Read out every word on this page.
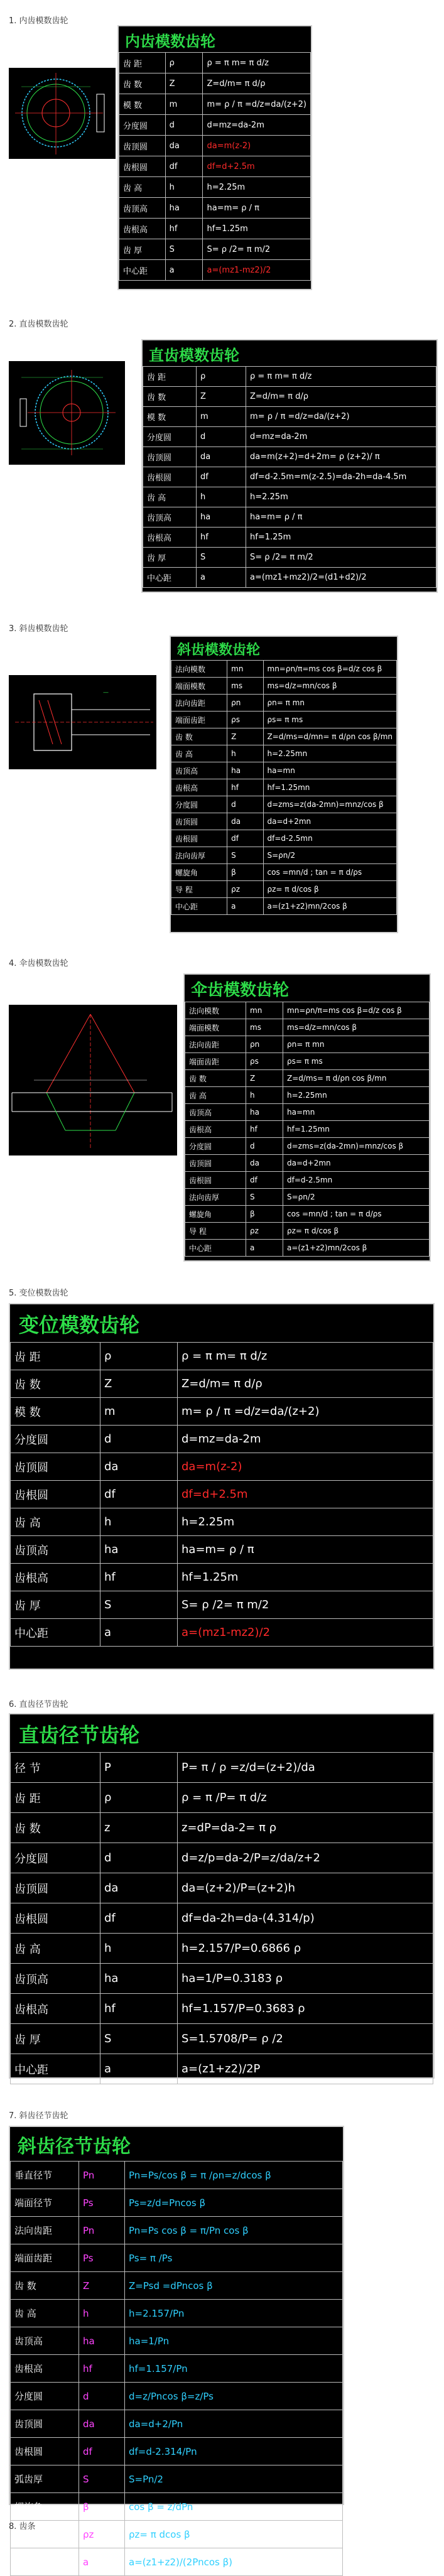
1. 内齿模数齿轮
内齿模数齿轮
齿 距	ρ	ρ = π m= π d/z
齿 数	Z	Z=d/m= π d/ρ
模 数	m	m= ρ / π =d/z=da/(z+2)
分度圆	d	d=mz=da-2m
齿顶圆	da	da=m(z-2)
齿根圆	df	df=d+2.5m
齿 高	h	h=2.25m
齿顶高	ha	ha=m= ρ / π
齿根高	hf	hf=1.25m
齿 厚	S	S= ρ /2= π m/2
中心距	a	a=(mz1-mz2)/2
2. 直齿模数齿轮
直齿模数齿轮
齿 距	ρ	ρ = π m= π d/z
齿 数	Z	Z=d/m= π d/ρ
模 数	m	m= ρ / π =d/z=da/(z+2)
分度圆	d	d=mz=da-2m
齿顶圆	da	da=m(z+2)=d+2m= ρ (z+2)/ π
齿根圆	df	df=d-2.5m=m(z-2.5)=da-2h=da-4.5m
齿 高	h	h=2.25m
齿顶高	ha	ha=m= ρ / π
齿根高	hf	hf=1.25m
齿 厚	S	S= ρ /2= π m/2
中心距	a	a=(mz1+mz2)/2=(d1+d2)/2
3. 斜齿模数齿轮
—
斜齿模数齿轮
法向模数	mn	mn=ρn/π=ms cos β=d/z cos β
端面模数	ms	ms=d/z=mn/cos β
法向齿距	ρn	ρn= π mn
端面齿距	ρs	ρs= π ms
齿 数	Z	Z=d/ms=d/mn= π d/ρn cos β/mn
齿 高	h	h=2.25mn
齿顶高	ha	ha=mn
齿根高	hf	hf=1.25mn
分度圆	d	d=zms=z(da-2mn)=mnz/cos β
齿顶圆	da	da=d+2mn
齿根圆	df	df=d-2.5mn
法向齿厚	S	S=ρn/2
螺旋角	β	cos =mn/d ; tan = π d/ρs
导 程	ρz	ρz= π d/cos β
中心距	a	a=(z1+z2)mn/2cos β
4. 伞齿模数齿轮
伞齿模数齿轮
法向模数	mn	mn=ρn/π=ms cos β=d/z cos β
端面模数	ms	ms=d/z=mn/cos β
法向齿距	ρn	ρn= π mn
端面齿距	ρs	ρs= π ms
齿 数	Z	Z=d/ms= π d/ρn cos β/mn
齿 高	h	h=2.25mn
齿顶高	ha	ha=mn
齿根高	hf	hf=1.25mn
分度圆	d	d=zms=z(da-2mn)=mnz/cos β
齿顶圆	da	da=d+2mn
齿根圆	df	df=d-2.5mn
法向齿厚	S	S=ρn/2
螺旋角	β	cos =mn/d ; tan = π d/ρs
导 程	ρz	ρz= π d/cos β
中心距	a	a=(z1+z2)mn/2cos β
5. 变位模数齿轮
变位模数齿轮
齿 距	ρ	ρ = π m= π d/z
齿 数	Z	Z=d/m= π d/ρ
模 数	m	m= ρ / π =d/z=da/(z+2)
分度圆	d	d=mz=da-2m
齿顶圆	da	da=m(z-2)
齿根圆	df	df=d+2.5m
齿 高	h	h=2.25m
齿顶高	ha	ha=m= ρ / π
齿根高	hf	hf=1.25m
齿 厚	S	S= ρ /2= π m/2
中心距	a	a=(mz1-mz2)/2
6. 直齿径节齿轮
直齿径节齿轮
径 节	P	P= π / ρ =z/d=(z+2)/da
齿 距	ρ	ρ = π /P= π d/z
齿 数	z	z=dP=da-2= π ρ
分度圆	d	d=z/p=da-2/P=z/da/z+2
齿顶圆	da	da=(z+2)/P=(z+2)h
齿根圆	df	df=da-2h=da-(4.314/p)
齿 高	h	h=2.157/P=0.6866 ρ
齿顶高	ha	ha=1/P=0.3183 ρ
齿根高	hf	hf=1.157/P=0.3683 ρ
齿 厚	S	S=1.5708/P= ρ /2
中心距	a	a=(z1+z2)/2P
7. 斜齿径节齿轮
斜齿径节齿轮
垂直径节	Pn	Pn=Ps/cos β = π /ρn=z/dcos β
端面径节	Ps	Ps=z/d=Pncos β
法向齿距	Pn	Pn=Ps cos β = π/Pn cos β
端面齿距	Ps	Ps= π /Ps
齿 数	Z	Z=Psd =dPncos β
齿 高	h	h=2.157/Pn
齿顶高	ha	ha=1/Pn
齿根高	hf	hf=1.157/Pn
分度圆	d	d=z/Pncos β=z/Ps
齿顶圆	da	da=d+2/Pn
齿根圆	df	df=d-2.314/Pn
弧齿厚	S	S=Pn/2
螺旋角	β	cos β = z/dPn
导 程	ρz	ρz= π dcos β
中心距	a	a=(z1+z2)/(2Pncos β)
8. 齿条
